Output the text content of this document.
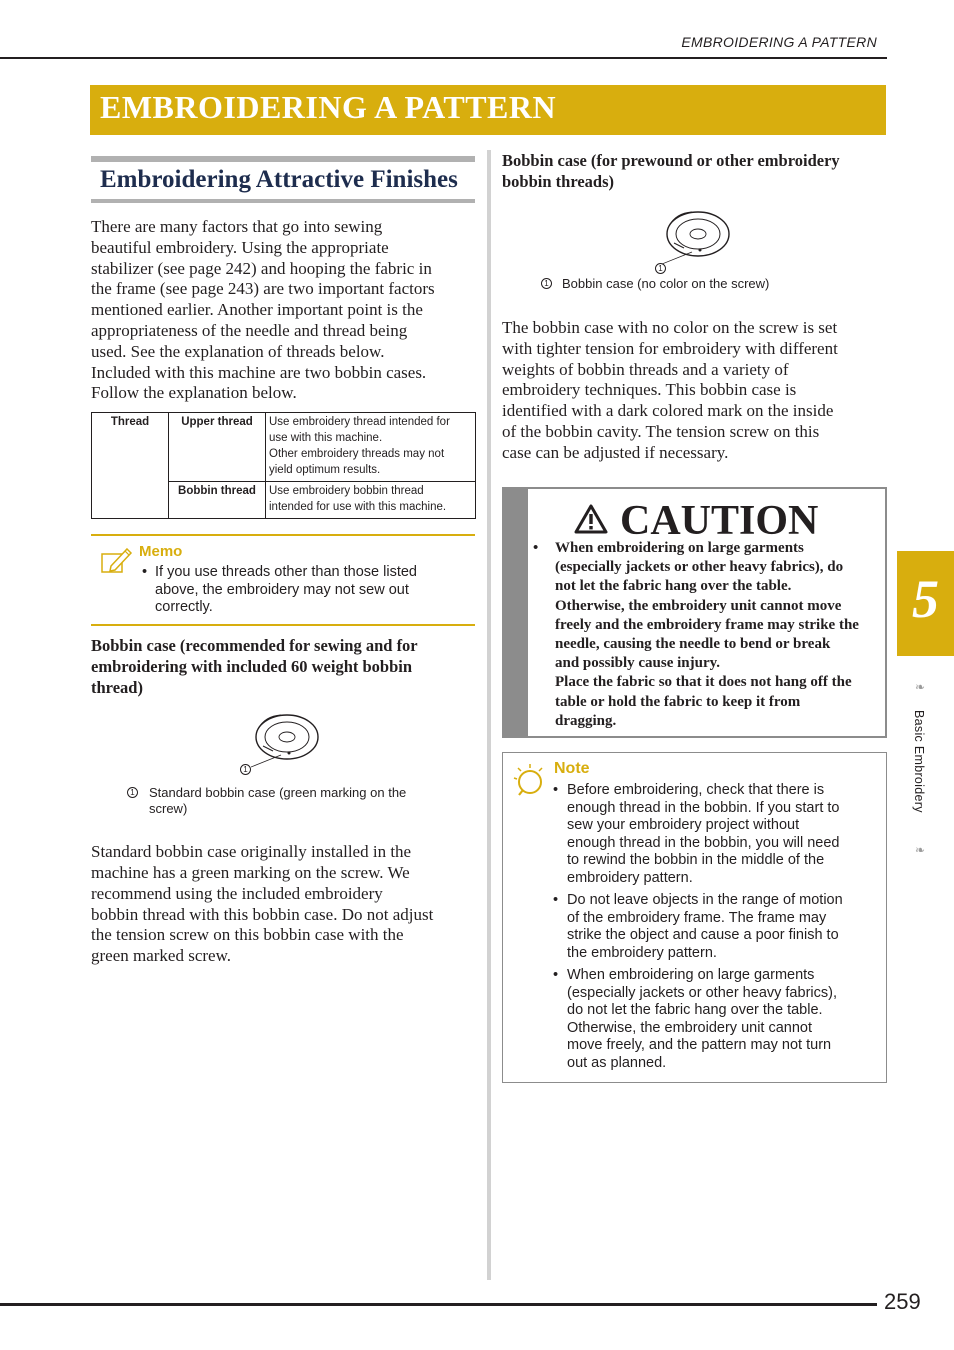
EMBROIDERING A PATTERN
EMBROIDERING A PATTERN
Embroidering Attractive Finishes
There are many factors that go into sewing
beautiful embroidery. Using the appropriate
stabilizer (see page 242) and hooping the fabric in
the frame (see page 243) are two important factors
mentioned earlier. Another important point is the
appropriateness of the needle and thread being
used. See the explanation of threads below.
Included with this machine are two bobbin cases.
Follow the explanation below.
Thread	Upper thread	Use embroidery thread intended for
use with this machine.
Other embroidery threads may not
yield optimum results.

	Bobbin thread	Use embroidery bobbin thread
intended for use with this machine.
Memo
• If you use threads other than those listed
above, the embroidery may not sew out
correctly.
Bobbin case (recommended for sewing and for
embroidering with included 60 weight bobbin
thread)
1
1 Standard bobbin case (green marking on the
screw)
Standard bobbin case originally installed in the
machine has a green marking on the screw. We
recommend using the included embroidery
bobbin thread with this bobbin case. Do not adjust
the tension screw on this bobbin case with the
green marked screw.
Bobbin case (for prewound or other embroidery
bobbin threads)
1
1 Bobbin case (no color on the screw)
The bobbin case with no color on the screw is set
with tighter tension for embroidery with different
weights of bobbin threads and a variety of
embroidery techniques. This bobbin case is
identified with a dark colored mark on the inside
of the bobbin cavity. The tension screw on this
case can be adjusted if necessary.
CAUTION
•	When embroidering on large garments
(especially jackets or other heavy fabrics), do
not let the fabric hang over the table.
Otherwise, the embroidery unit cannot move
freely and the embroidery frame may strike the
needle, causing the needle to bend or break
and possibly cause injury.
Place the fabric so that it does not hang off the
table or hold the fabric to keep it from
dragging.
Note
• Before embroidering, check that there is
enough thread in the bobbin. If you start to
sew your embroidery project without
enough thread in the bobbin, you will need
to rewind the bobbin in the middle of the
embroidery pattern.
• Do not leave objects in the range of motion
of the embroidery frame. The frame may
strike the object and cause a poor finish to
the embroidery pattern.
• When embroidering on large garments
(especially jackets or other heavy fabrics),
do not let the fabric hang over the table.
Otherwise, the embroidery unit cannot
move freely, and the pattern may not turn
out as planned.
5
❧
Basic Embroidery
❧
259
